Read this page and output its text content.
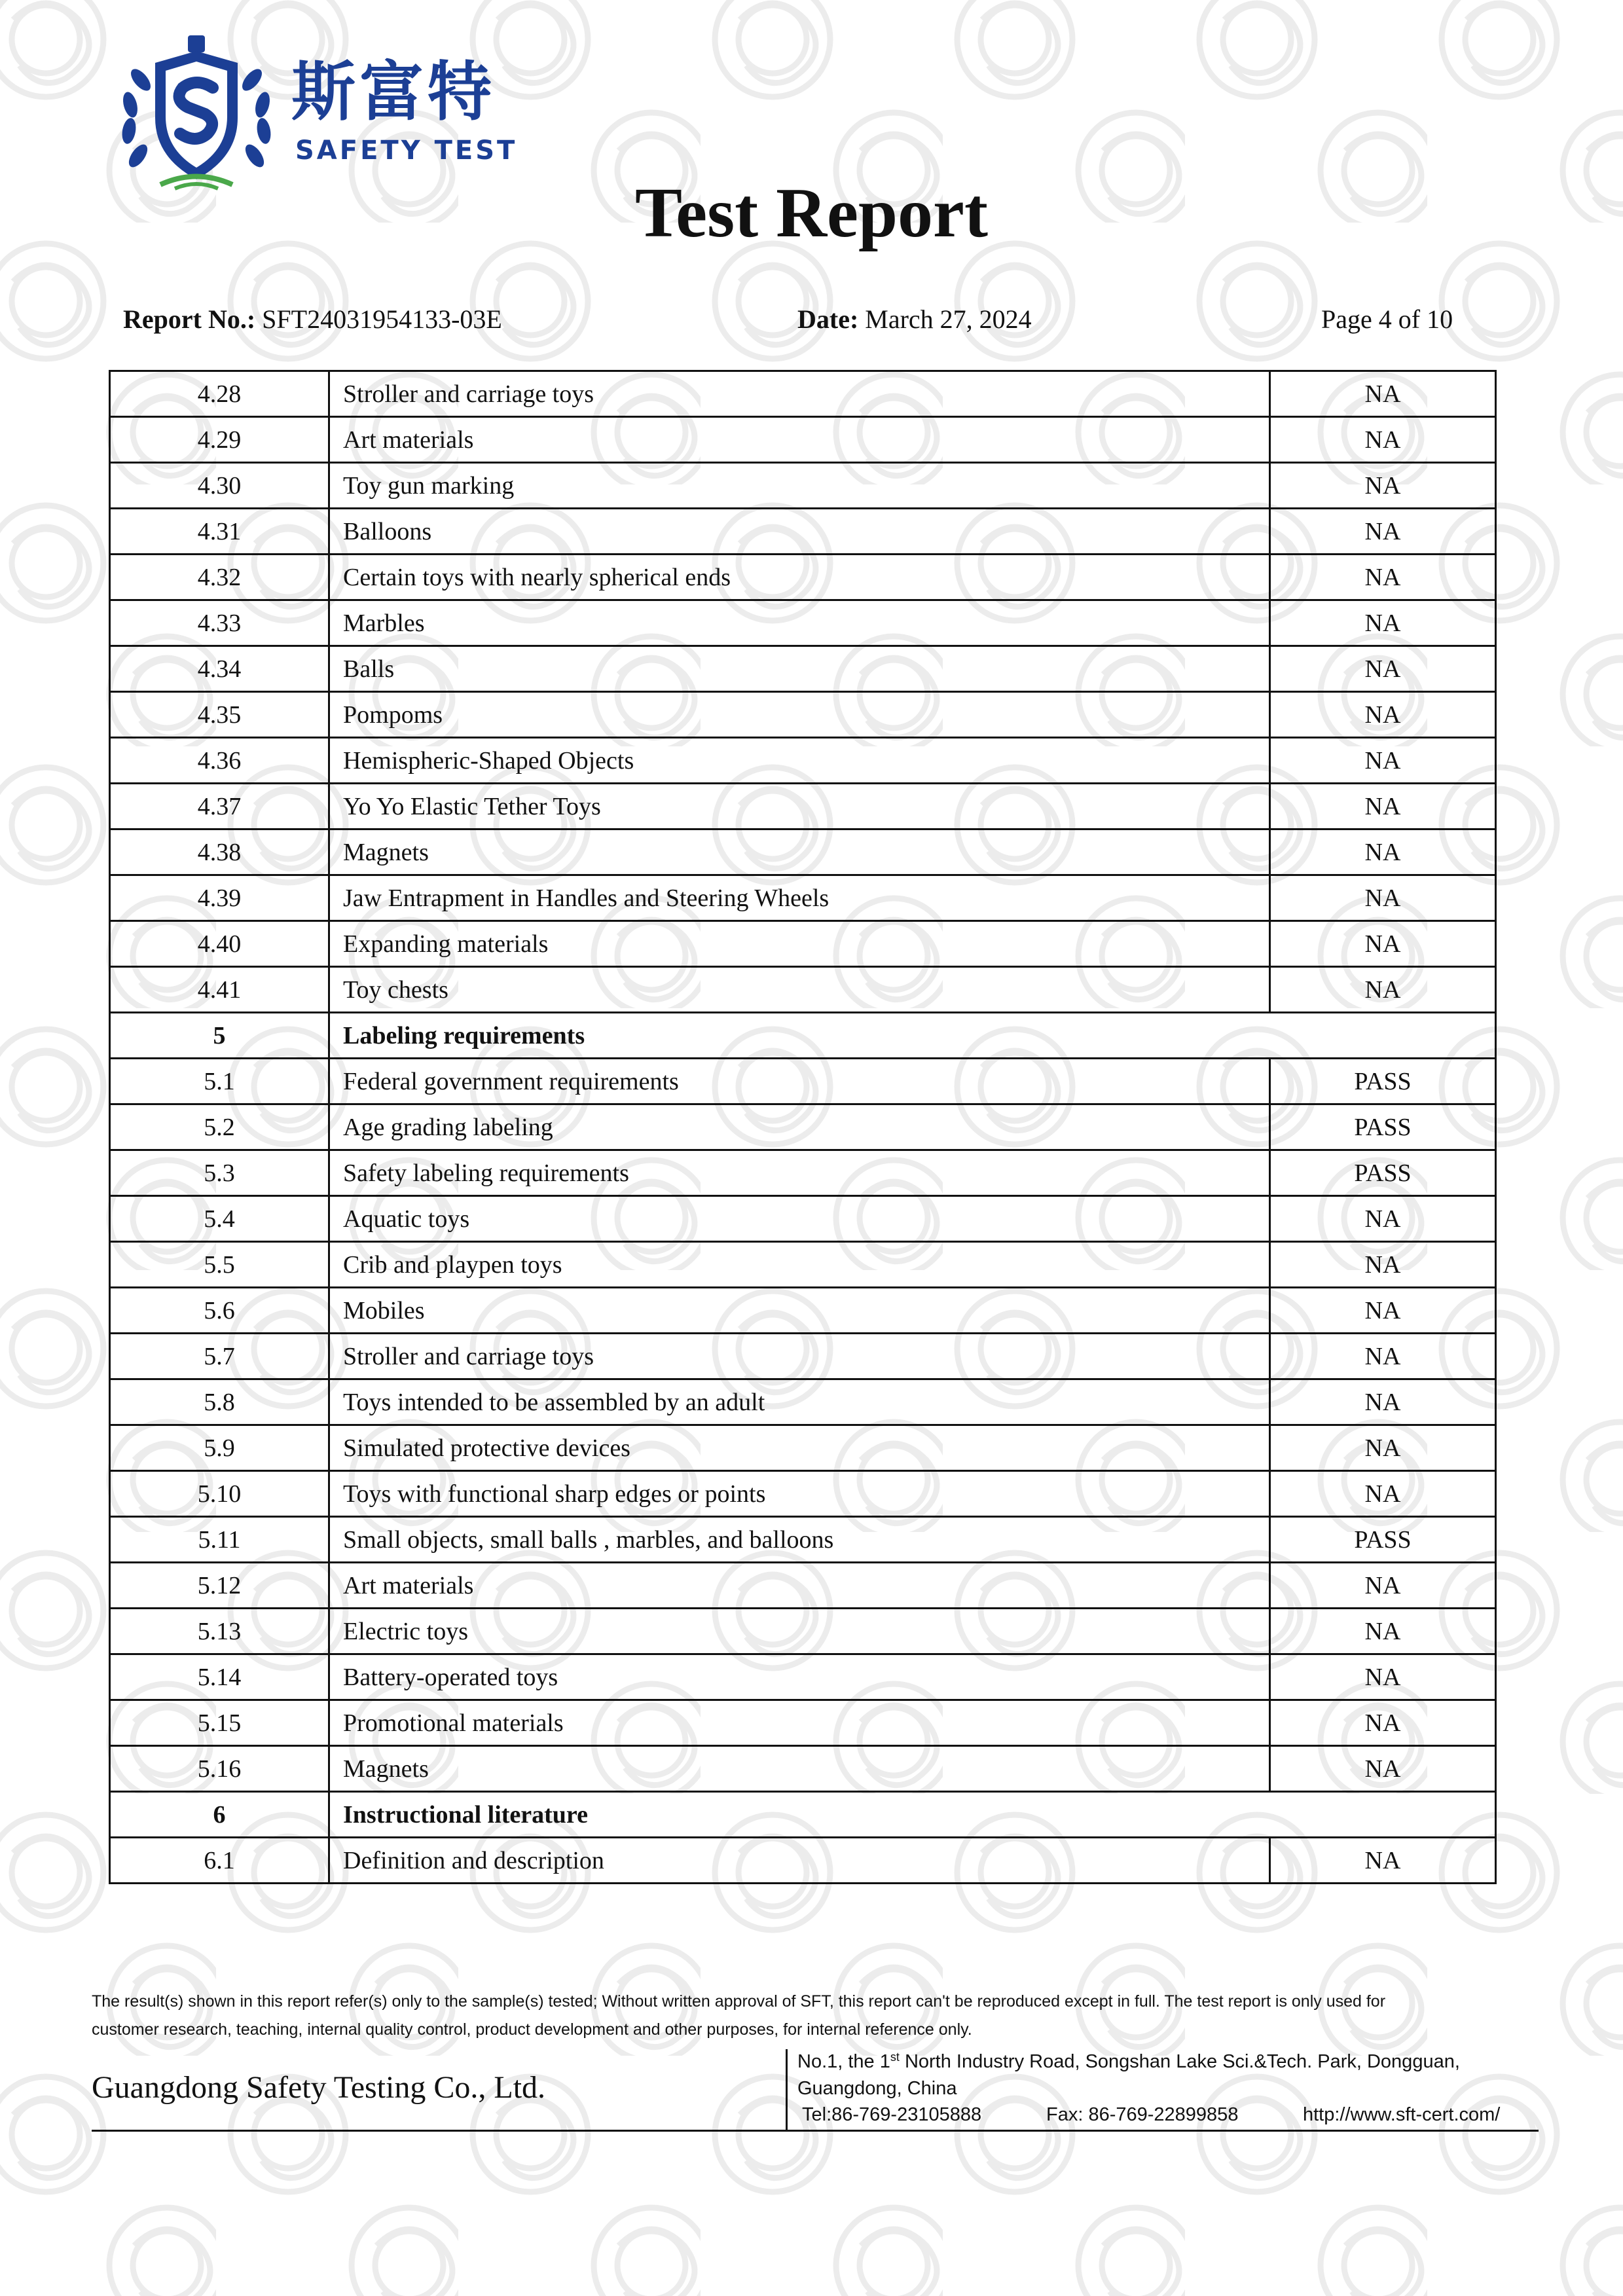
斯富特
SAFETY TEST
Test Report
Report No.: SFT24031954133-03E	Date: March 27, 2024	Page 4 of 10
4.28	Stroller and carriage toys	NA
4.29	Art materials	NA
4.30	Toy gun marking	NA
4.31	Balloons	NA
4.32	Certain toys with nearly spherical ends	NA
4.33	Marbles	NA
4.34	Balls	NA
4.35	Pompoms	NA
4.36	Hemispheric-Shaped Objects	NA
4.37	Yo Yo Elastic Tether Toys	NA
4.38	Magnets	NA
4.39	Jaw Entrapment in Handles and Steering Wheels	NA
4.40	Expanding materials	NA
4.41	Toy chests	NA
5	Labeling requirements	
5.1	Federal government requirements	PASS
5.2	Age grading labeling	PASS
5.3	Safety labeling requirements	PASS
5.4	Aquatic toys	NA
5.5	Crib and playpen toys	NA
5.6	Mobiles	NA
5.7	Stroller and carriage toys	NA
5.8	Toys intended to be assembled by an adult	NA
5.9	Simulated protective devices	NA
5.10	Toys with functional sharp edges or points	NA
5.11	Small objects, small balls , marbles, and balloons	PASS
5.12	Art materials	NA
5.13	Electric toys	NA
5.14	Battery-operated toys	NA
5.15	Promotional materials	NA
5.16	Magnets	NA
6	Instructional literature	
6.1	Definition and description	NA
The result(s) shown in this report refer(s) only to the sample(s) tested; Without written approval of SFT, this report can't be reproduced except in full. The test report is only used for
customer research, teaching, internal quality control, product development and other purposes, for internal reference only.
Guangdong Safety Testing Co., Ltd.
No.1, the 1st North Industry Road, Songshan Lake Sci.&Tech. Park, Dongguan,
Guangdong, China
Tel:86-769-23105888	Fax: 86-769-22899858	http://www.sft-cert.com/
